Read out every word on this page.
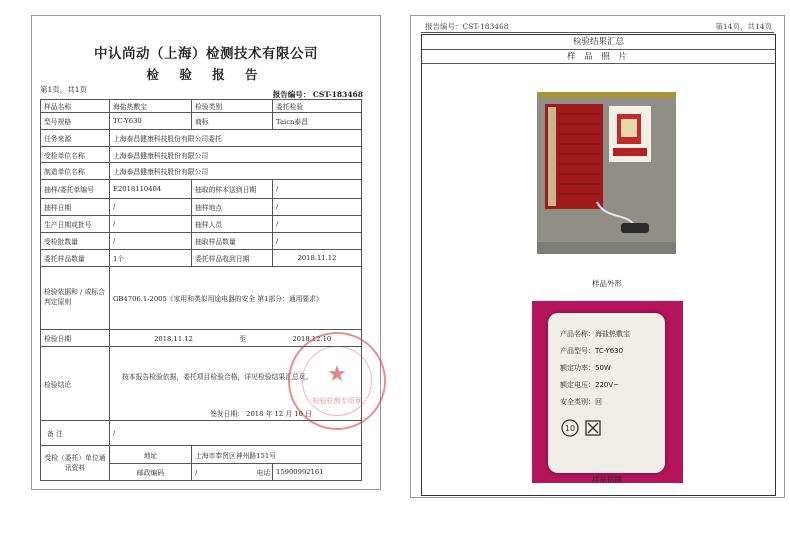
中认尚动（上海）检测技术有限公司
检 验 报 告
第1页，共1页
报告编号： CST-183468
样品名称	海盐热敷宝	检验类别	委托检验
型号规格	TC-Y630	商标	Taicn泰昌
任务来源	上海泰昌健康科技股份有限公司委托		
受检单位名称	上海泰昌健康科技股份有限公司		
制造单位名称	上海泰昌健康科技股份有限公司		
抽样/委托单编号	E2018110404	抽取的样本送到日期	/
抽样日期	/	抽样地点	/
生产日期或批号	/	抽样人员	/
受检批数量	/	抽取样品数量	/
委托样品数量	1个	委托样品收到日期	2018.11.12
检验依据和 / 或标合判定原则	GB4706.1-2005《家用和类似用途电器的安全 第1部分：通用要求》		
检验日期	2018.11.12 至 2018.12.10		
检验结论	按本报告检验依据，委托项目检验合格，详见检验结果汇总页。
签发日期： 2018 年 12 月 10 日		

备 注	/		
受检（委托）单位通讯资料	地址	上海市奉贤区神州路151号	
	邮政编码	/ 电话	15900992161
★
检验检测专用章
报告编号：CST-183468	第14页，共14页
检验结果汇总
样 品 照 片
样品外形
产品名称：海盐热敷宝
产品型号：TC-Y630
额定功率：50W
额定电压：220V~
安全类别：回
10
样品铭牌
